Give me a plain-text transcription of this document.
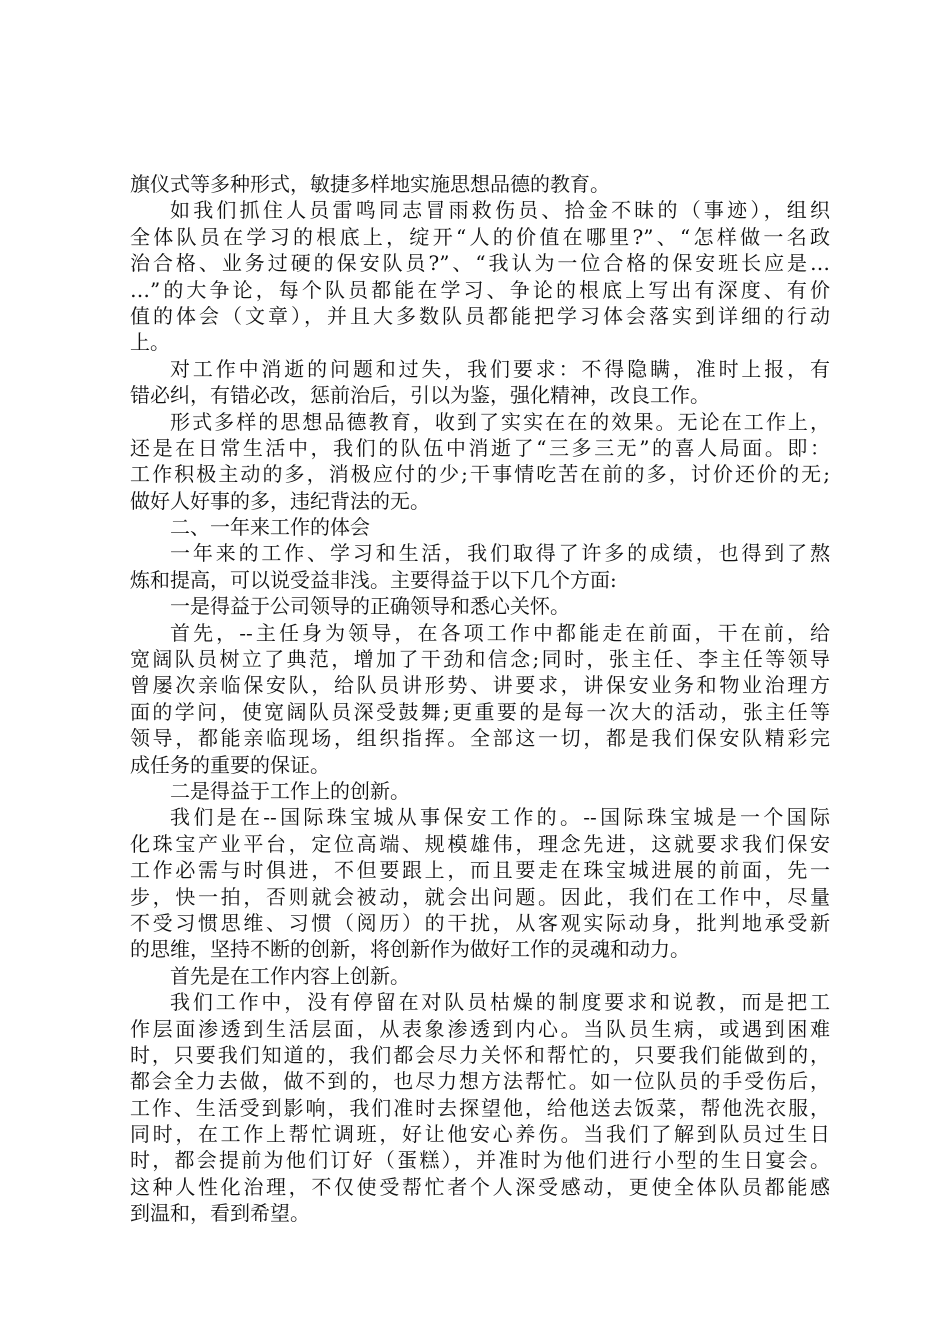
旗仪式等多种形式，敏捷多样地实施思想品德的教育。
如我们抓住人员雷鸣同志冒雨救伤员、拾金不昧的（事迹），组织
全体队员在学习的根底上，绽开“人的价值在哪里?”、“怎样做一名政
治合格、业务过硬的保安队员?”、“我认为一位合格的保安班长应是…
…”的大争论，每个队员都能在学习、争论的根底上写出有深度、有价
值的体会（文章），并且大多数队员都能把学习体会落实到详细的行动
上。
对工作中消逝的问题和过失，我们要求：不得隐瞒，准时上报，有
错必纠，有错必改，惩前治后，引以为鉴，强化精神，改良工作。
形式多样的思想品德教育，收到了实实在在的效果。无论在工作上，
还是在日常生活中，我们的队伍中消逝了“三多三无”的喜人局面。即：
工作积极主动的多，消极应付的少;干事情吃苦在前的多，讨价还价的无;
做好人好事的多，违纪背法的无。
二、一年来工作的体会
一年来的工作、学习和生活，我们取得了许多的成绩，也得到了熬
炼和提高，可以说受益非浅。主要得益于以下几个方面:
一是得益于公司领导的正确领导和悉心关怀。
首先，--主任身为领导，在各项工作中都能走在前面，干在前，给
宽阔队员树立了典范，增加了干劲和信念;同时，张主任、李主任等领导
曾屡次亲临保安队，给队员讲形势、讲要求，讲保安业务和物业治理方
面的学问，使宽阔队员深受鼓舞;更重要的是每一次大的活动，张主任等
领导，都能亲临现场，组织指挥。全部这一切，都是我们保安队精彩完
成任务的重要的保证。
二是得益于工作上的创新。
我们是在--国际珠宝城从事保安工作的。--国际珠宝城是一个国际
化珠宝产业平台，定位高端、规模雄伟，理念先进，这就要求我们保安
工作必需与时俱进，不但要跟上，而且要走在珠宝城进展的前面，先一
步，快一拍，否则就会被动，就会出问题。因此，我们在工作中，尽量
不受习惯思维、习惯（阅历）的干扰，从客观实际动身，批判地承受新
的思维，坚持不断的创新，将创新作为做好工作的灵魂和动力。
首先是在工作内容上创新。
我们工作中，没有停留在对队员枯燥的制度要求和说教，而是把工
作层面渗透到生活层面，从表象渗透到内心。当队员生病，或遇到困难
时，只要我们知道的，我们都会尽力关怀和帮忙的，只要我们能做到的，
都会全力去做，做不到的，也尽力想方法帮忙。如一位队员的手受伤后，
工作、生活受到影响，我们准时去探望他，给他送去饭菜，帮他洗衣服，
同时，在工作上帮忙调班，好让他安心养伤。当我们了解到队员过生日
时，都会提前为他们订好（蛋糕），并准时为他们进行小型的生日宴会。
这种人性化治理，不仅使受帮忙者个人深受感动，更使全体队员都能感
到温和，看到希望。
